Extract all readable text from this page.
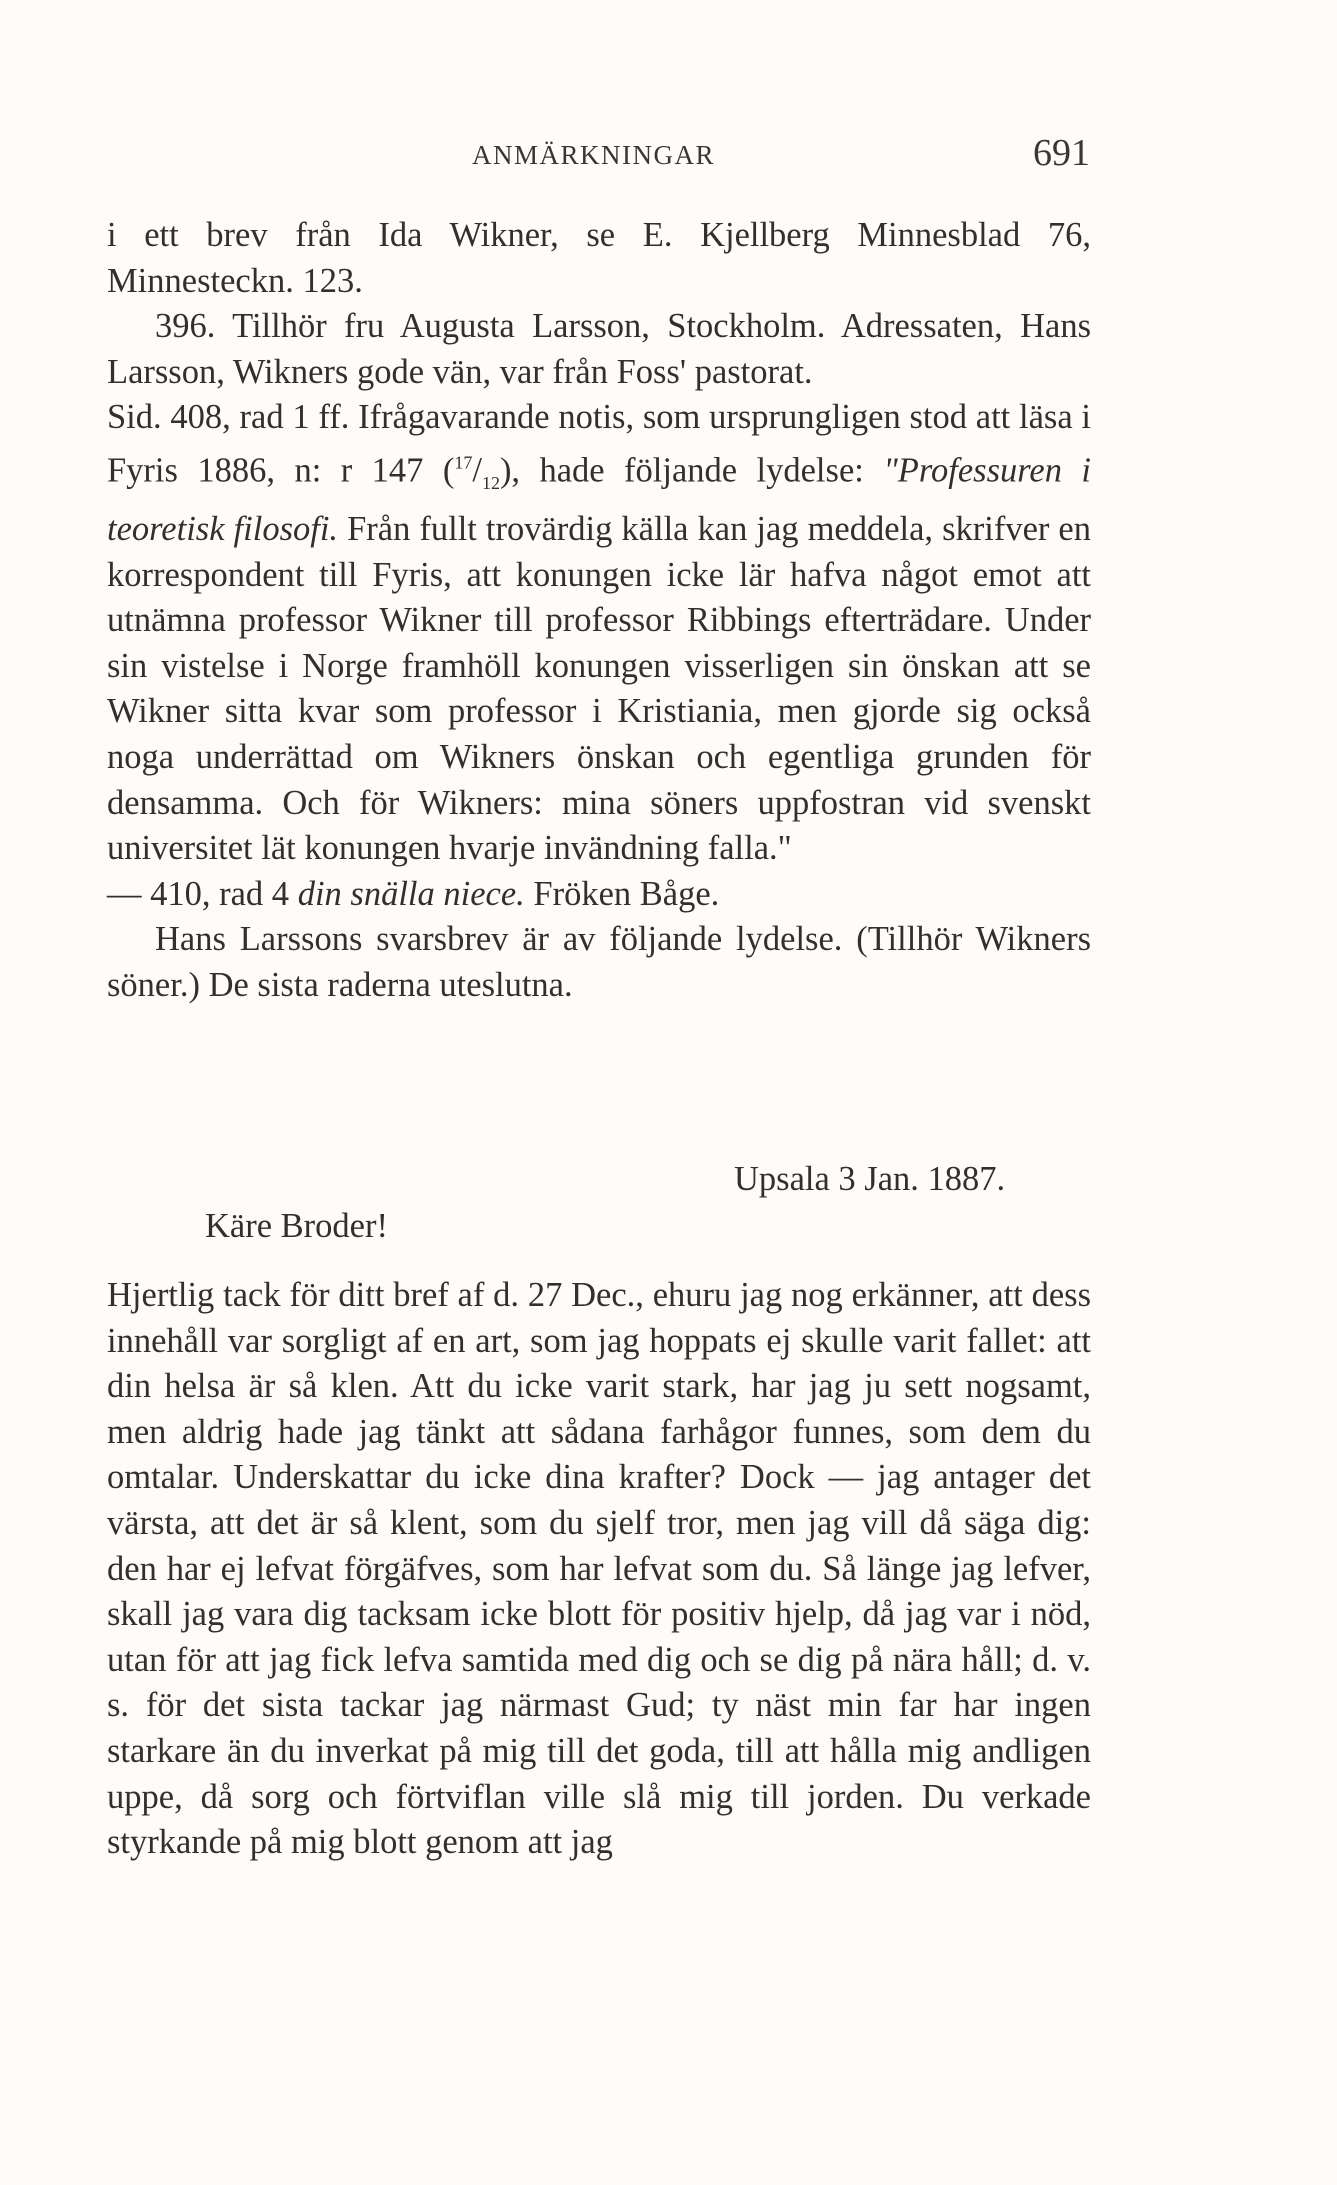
ANMÄRKNINGAR	691

i ett brev från Ida Wikner, se E. Kjellberg Minnesblad 76, Minnesteckn. 123.

396. Tillhör fru Augusta Larsson, Stockholm. Adressaten, Hans Larsson, Wikners gode vän, var från Foss' pastorat.

Sid. 408, rad 1 ff. Ifrågavarande notis, som ursprungligen stod att läsa i Fyris 1886, n: r 147 $(^{17}/_{12})$, hade följande lydelse: "Professuren i teoretisk filosofi. Från fullt trovärdig källa kan jag meddela, skrifver en korrespondent till Fyris, att konungen icke lär hafva något emot att utnämna professor Wikner till professor Ribbings efterträdare. Under sin vistelse i Norge framhöll konungen visserligen sin önskan att se Wikner sitta kvar som professor i Kristiania, men gjorde sig också noga underrättad om Wikners önskan och egentliga grunden för densamma. Och för Wikners: mina söners uppfostran vid svenskt universitet lät konungen hvarje invändning falla."

— 410, rad 4 din snälla niece. Fröken Båge.

Hans Larssons svarsbrev är av följande lydelse. (Tillhör Wikners söner.) De sista raderna uteslutna.

Upsala 3 Jan. 1887.
Käre Broder!

Hjertlig tack för ditt bref af d. 27 Dec., ehuru jag nog erkänner, att dess innehåll var sorgligt af en art, som jag hoppats ej skulle varit fallet: att din helsa är så klen. Att du icke varit stark, har jag ju sett nogsamt, men aldrig hade jag tänkt att sådana farhågor funnes, som dem du omtalar. Underskattar du icke dina krafter? Dock — jag antager det värsta, att det är så klent, som du sjelf tror, men jag vill då säga dig: den har ej lefvat förgäfves, som har lefvat som du. Så länge jag lefver, skall jag vara dig tacksam icke blott för positiv hjelp, då jag var i nöd, utan för att jag fick lefva samtida med dig och se dig på nära håll; d. v. s. för det sista tackar jag närmast Gud; ty näst min far har ingen starkare än du inverkat på mig till det goda, till att hålla mig andligen uppe, då sorg och förtviflan ville slå mig till jorden. Du verkade styrkande på mig blott genom att jag
